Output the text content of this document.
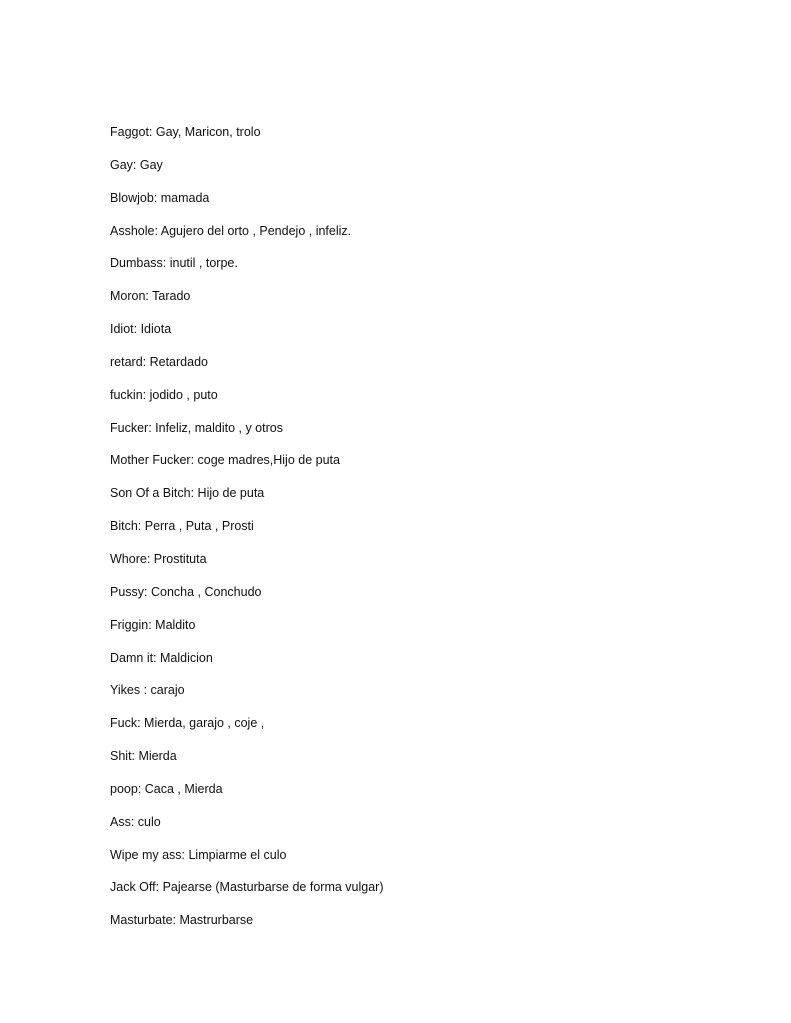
Faggot: Gay, Maricon, trolo
Gay: Gay
Blowjob: mamada
Asshole: Agujero del orto , Pendejo , infeliz.
Dumbass: inutil , torpe.
Moron: Tarado
Idiot: Idiota
retard: Retardado
fuckin: jodido , puto
Fucker: Infeliz, maldito , y otros
Mother Fucker: coge madres,Hijo de puta
Son Of a Bitch: Hijo de puta
Bitch: Perra , Puta , Prosti
Whore: Prostituta
Pussy: Concha , Conchudo
Friggin: Maldito
Damn it: Maldicion
Yikes : carajo
Fuck: Mierda, garajo , coje ,
Shit: Mierda
poop: Caca , Mierda
Ass: culo
Wipe my ass: Limpiarme el culo
Jack Off: Pajearse (Masturbarse de forma vulgar)
Masturbate: Mastrurbarse
